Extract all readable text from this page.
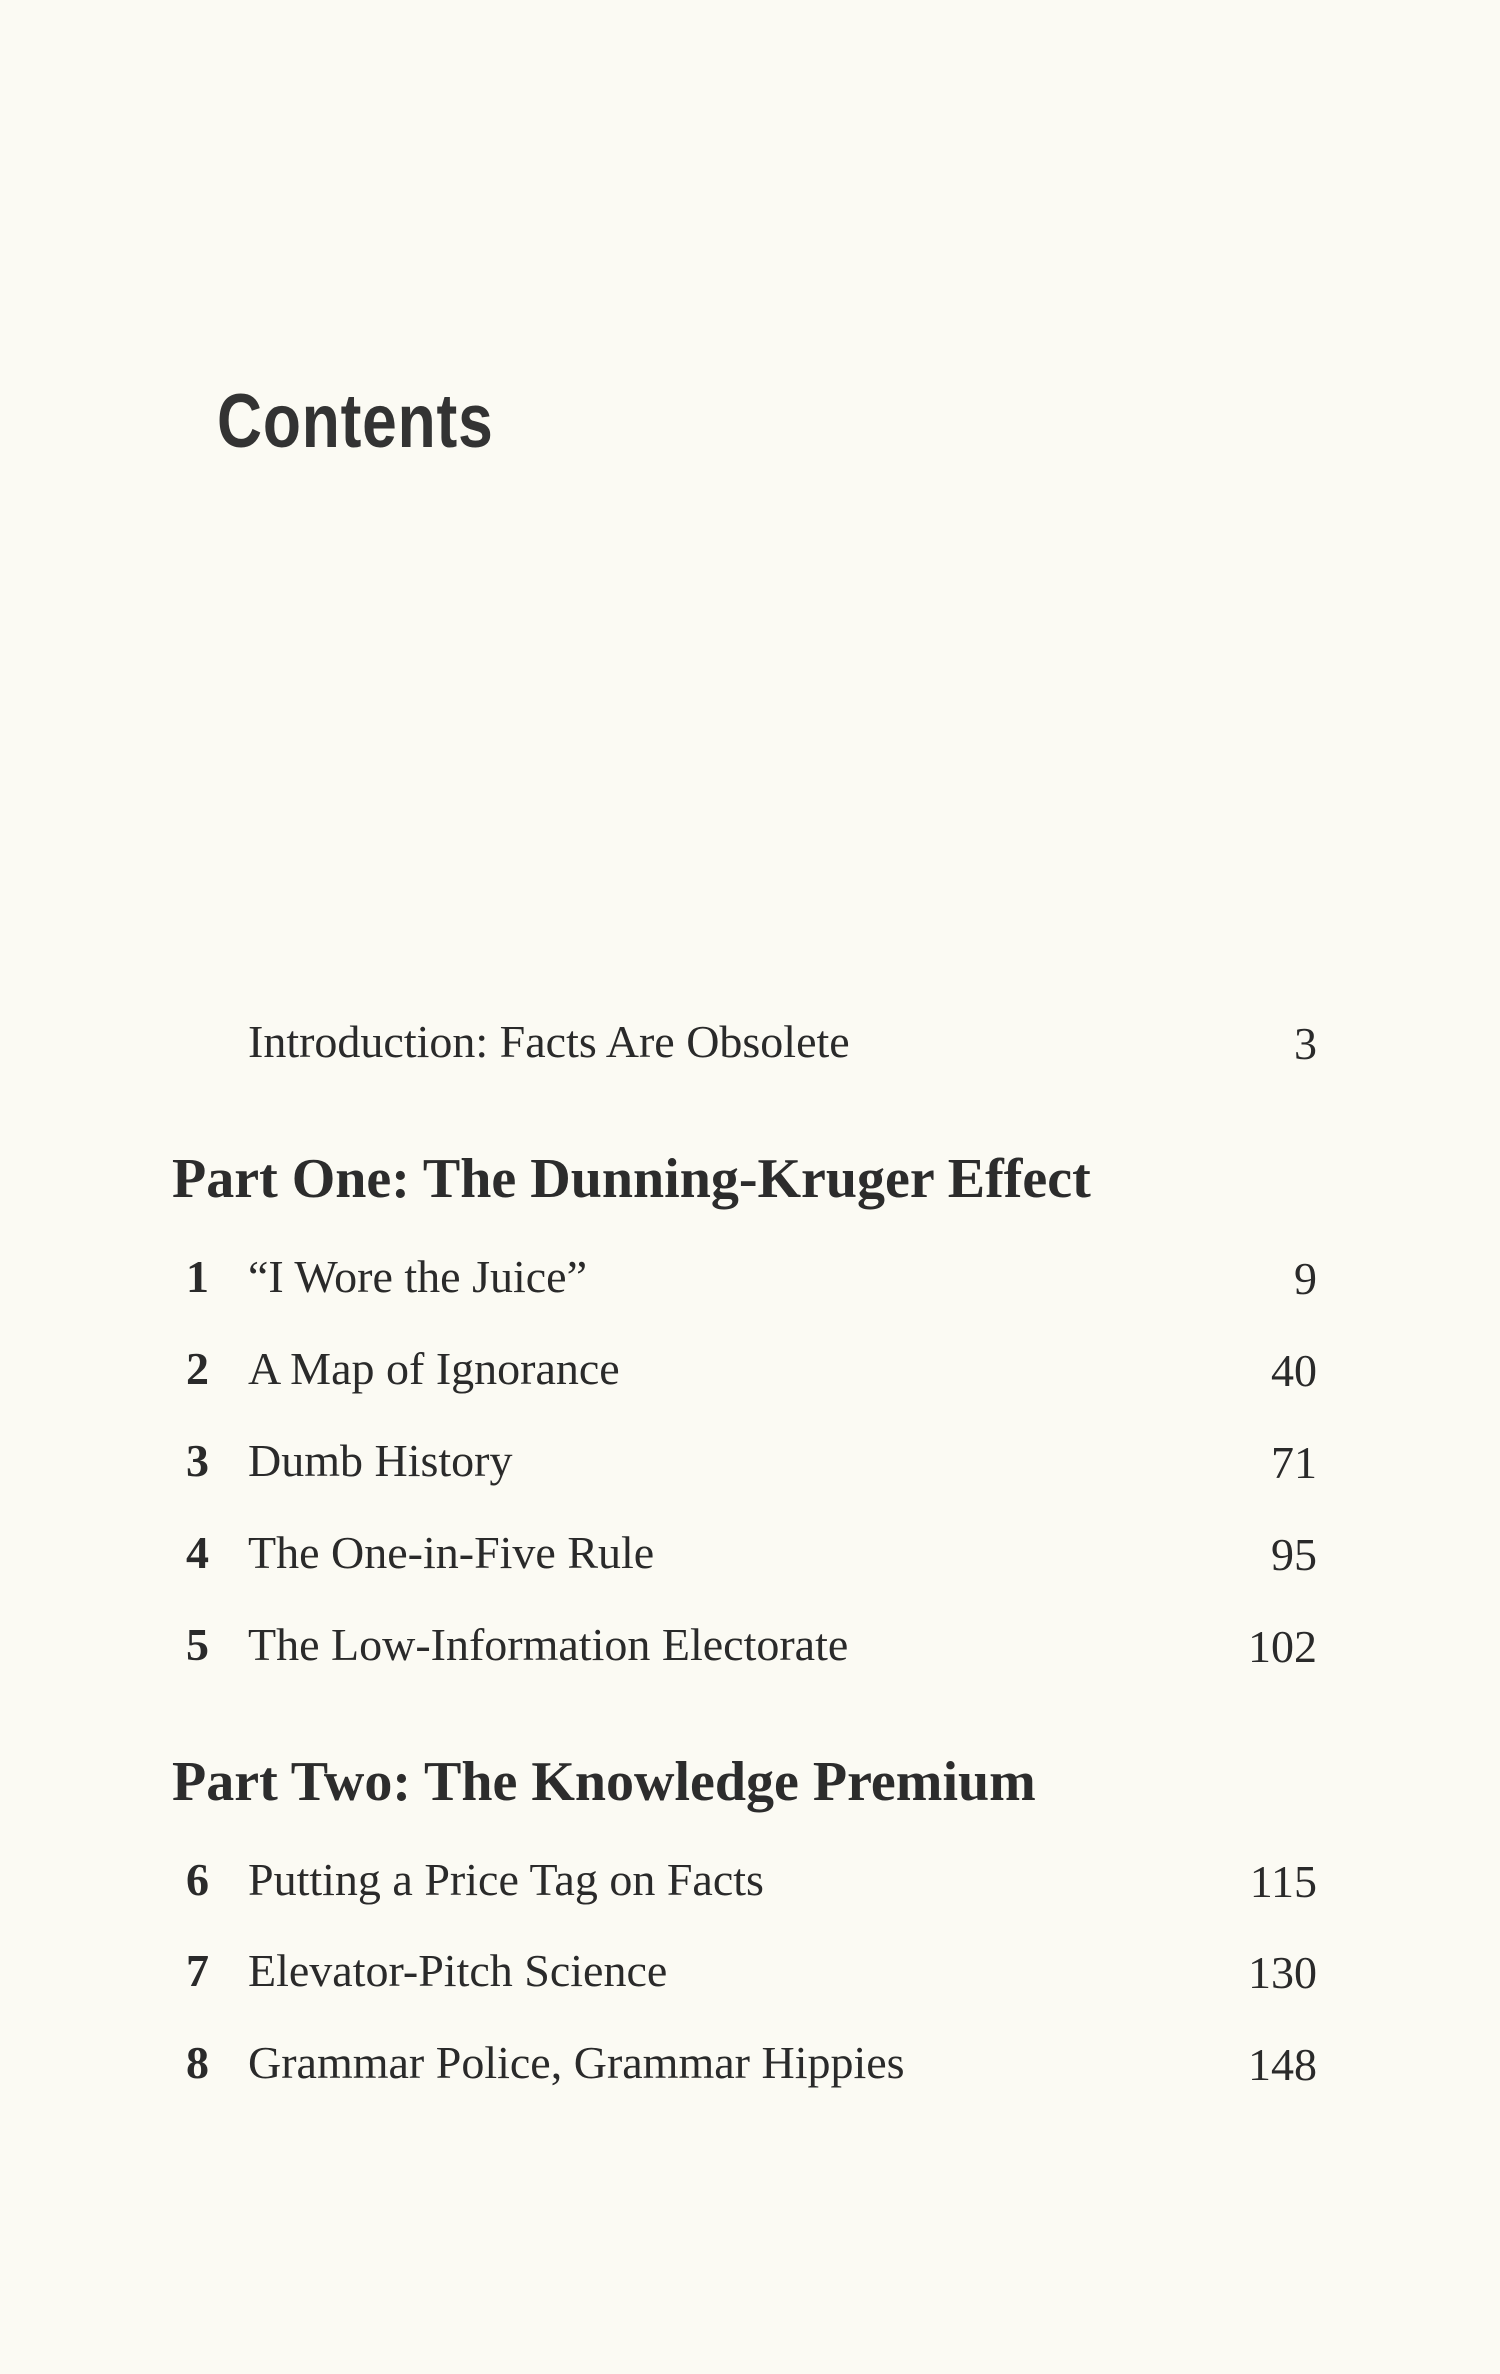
Contents
Introduction: Facts Are Obsolete	3
Part One: The Dunning-Kruger Effect
1 “I Wore the Juice”	9
2 A Map of Ignorance	40
3 Dumb History	71
4 The One-in-Five Rule	95
5 The Low-Information Electorate	102
Part Two: The Knowledge Premium
6 Putting a Price Tag on Facts	115
7 Elevator-Pitch Science	130
8 Grammar Police, Grammar Hippies	148
